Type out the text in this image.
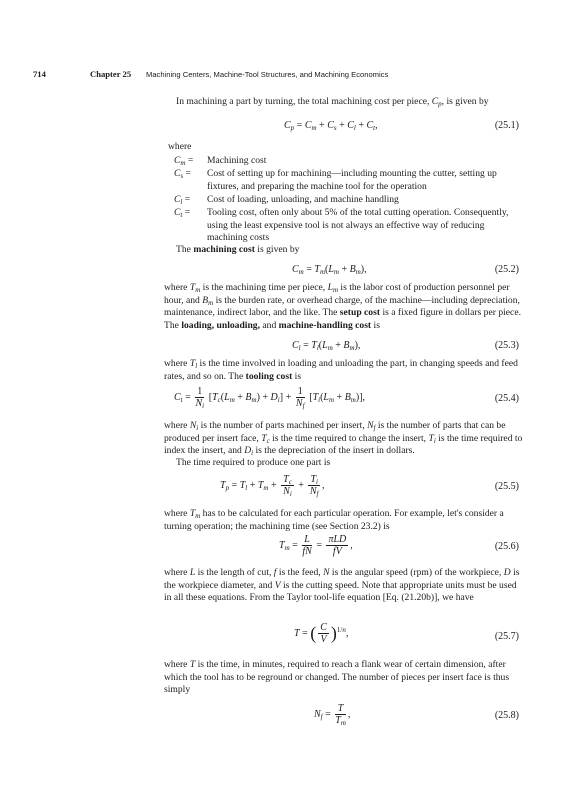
714	Chapter 25 Machining Centers, Machine-Tool Structures, and Machining Economics
In machining a part by turning, the total machining cost per piece, $C_p$, is given by
$C_p = C_m + C_s + C_l + C_t$,	(25.1)
where
$C_m$ =	Machining cost
$C_s$ =	Cost of setting up for machining—including mounting the cutter, setting up fixtures, and preparing the machine tool for the operation
$C_l$ =	Cost of loading, unloading, and machine handling
$C_t$ =	Tooling cost, often only about 5% of the total cutting operation. Consequently, using the least expensive tool is not always an effective way of reducing machining costs
The machining cost is given by
$C_m = T_m(L_m + B_m)$,	(25.2)
where $T_m$ is the machining time per piece, $L_m$ is the labor cost of production personnel per hour, and $B_m$ is the burden rate, or overhead charge, of the machine—including depreciation, maintenance, indirect labor, and the like. The setup cost is a fixed figure in dollars per piece. The loading, unloading, and machine-handling cost is
$C_l = T_l(L_m + B_m)$,	(25.3)
where $T_l$ is the time involved in loading and unloading the part, in changing speeds and feed rates, and so on. The tooling cost is
$C_t = \frac{1}{N_i} [T_c(L_m + B_m) + D_i] + \frac{1}{N_f} [T_i(L_m + B_m)]$,	(25.4)
where $N_i$ is the number of parts machined per insert, $N_f$ is the number of parts that can be produced per insert face, $T_c$ is the time required to change the insert, $T_i$ is the time required to index the insert, and $D_i$ is the depreciation of the insert in dollars.
The time required to produce one part is
$T_p = T_l + T_m + \frac{T_c}{N_i} + \frac{T_i}{N_f}$ ,	(25.5)
where $T_m$ has to be calculated for each particular operation. For example, let's consider a turning operation; the machining time (see Section 23.2) is
$T_m = \frac{L}{fN} = \frac{\text{πLD}}{fV}$ ,	(25.6)
where L is the length of cut, f is the feed, N is the angular speed (rpm) of the workpiece, D is the workpiece diameter, and V is the cutting speed. Note that appropriate units must be used in all these equations. From the Taylor tool-life equation [Eq. (21.20b)], we have
T = ( $\frac{C}{V} )^{1/n}$,	(25.7)
where T is the time, in minutes, required to reach a flank wear of certain dimension, after which the tool has to be reground or changed. The number of pieces per insert face is thus simply
$N_f = \frac{T}{T_m}$ ,	(25.8)
